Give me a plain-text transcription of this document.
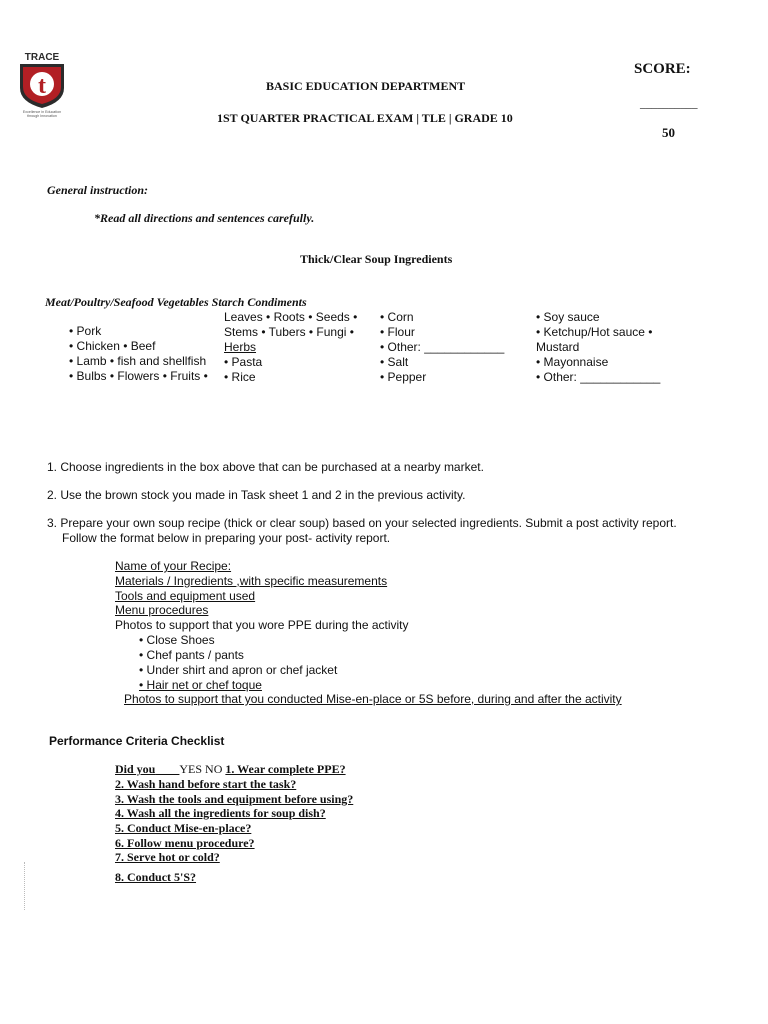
TRACE
t
Excellence in Education
through Innovation
BASIC EDUCATION DEPARTMENT
1ST QUARTER PRACTICAL EXAM | TLE | GRADE 10
SCORE:
__________
50
General instruction:
*Read all directions and sentences carefully.
Thick/Clear Soup Ingredients
Meat/Poultry/Seafood Vegetables Starch Condiments
• Pork
• Chicken • Beef
• Lamb • fish and shellfish
• Bulbs • Flowers • Fruits •
Leaves • Roots • Seeds •
Stems • Tubers • Fungi •
Herbs
• Pasta
• Rice
• Corn
• Flour
• Other: ____________
• Salt
• Pepper
• Soy sauce
• Ketchup/Hot sauce •
Mustard
• Mayonnaise
• Other: ____________
1. Choose ingredients in the box above that can be purchased at a nearby market.
2. Use the brown stock you made in Task sheet 1 and 2 in the previous activity.
3. Prepare your own soup recipe (thick or clear soup) based on your selected ingredients. Submit a post activity report.
Follow the format below in preparing your post- activity report.
Name of your Recipe:
Materials / Ingredients ,with specific measurements
Tools and equipment used
Menu procedures
Photos to support that you wore PPE during the activity
• Close Shoes
• Chef pants / pants
• Under shirt and apron or chef jacket
• Hair net or chef toque
Photos to support that you conducted Mise-en-place or 5S before, during and after the activity
Performance Criteria Checklist
Did you____YES NO 1. Wear complete PPE?
2. Wash hand before start the task?
3. Wash the tools and equipment before using?
4. Wash all the ingredients for soup dish?
5. Conduct Mise-en-place?
6. Follow menu procedure?
7. Serve hot or cold?
8. Conduct 5'S?
